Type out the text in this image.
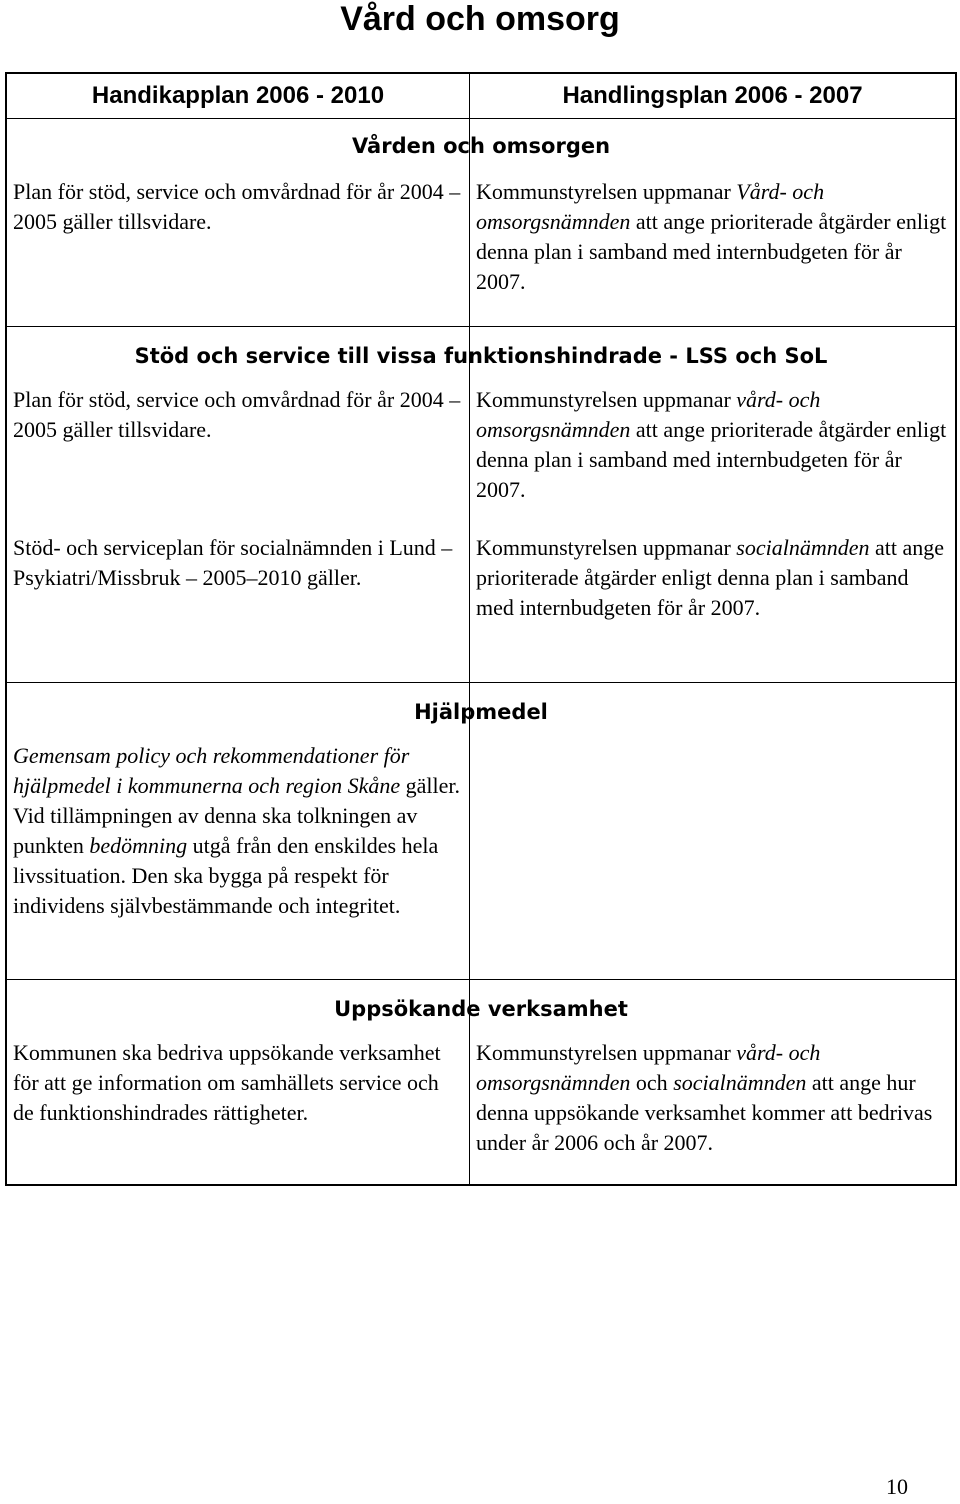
Vård och omsorg
Handikapplan 2006 - 2010	Handlingsplan 2006 - 2007
Vården och omsorgen

Plan för stöd, service och omvårdnad för år 2004 – 2005 gäller tillsvidare.

Kommunstyrelsen uppmanar Vård- och omsorgsnämnden att ange prioriterade åtgärder enligt denna plan i samband med internbudgeten för år 2007.

Stöd och service till vissa funktionshindrade - LSS och SoL

Plan för stöd, service och omvårdnad för år 2004 – 2005 gäller tillsvidare.

Stöd- och serviceplan för socialnämnden i Lund – Psykiatri/Missbruk – 2005–2010 gäller.

Kommunstyrelsen uppmanar vård- och omsorgsnämnden att ange prioriterade åtgärder enligt denna plan i samband med internbudgeten för år 2007.

Kommunstyrelsen uppmanar socialnämnden att ange prioriterade åtgärder enligt denna plan i samband med internbudgeten för år 2007.

Hjälpmedel

Gemensam policy och rekommendationer för hjälpmedel i kommunerna och region Skåne gäller. Vid tillämpningen av denna ska tolkningen av punkten bedömning utgå från den enskildes hela livssituation. Den ska bygga på respekt för individens självbestämmande och integritet.

Uppsökande verksamhet

Kommunen ska bedriva uppsökande verksamhet för att ge information om samhällets service och de funktionshindrades rättigheter.

Kommunstyrelsen uppmanar vård- och omsorgsnämnden och socialnämnden att ange hur denna uppsökande verksamhet kommer att bedrivas under år 2006 och år 2007.

10
